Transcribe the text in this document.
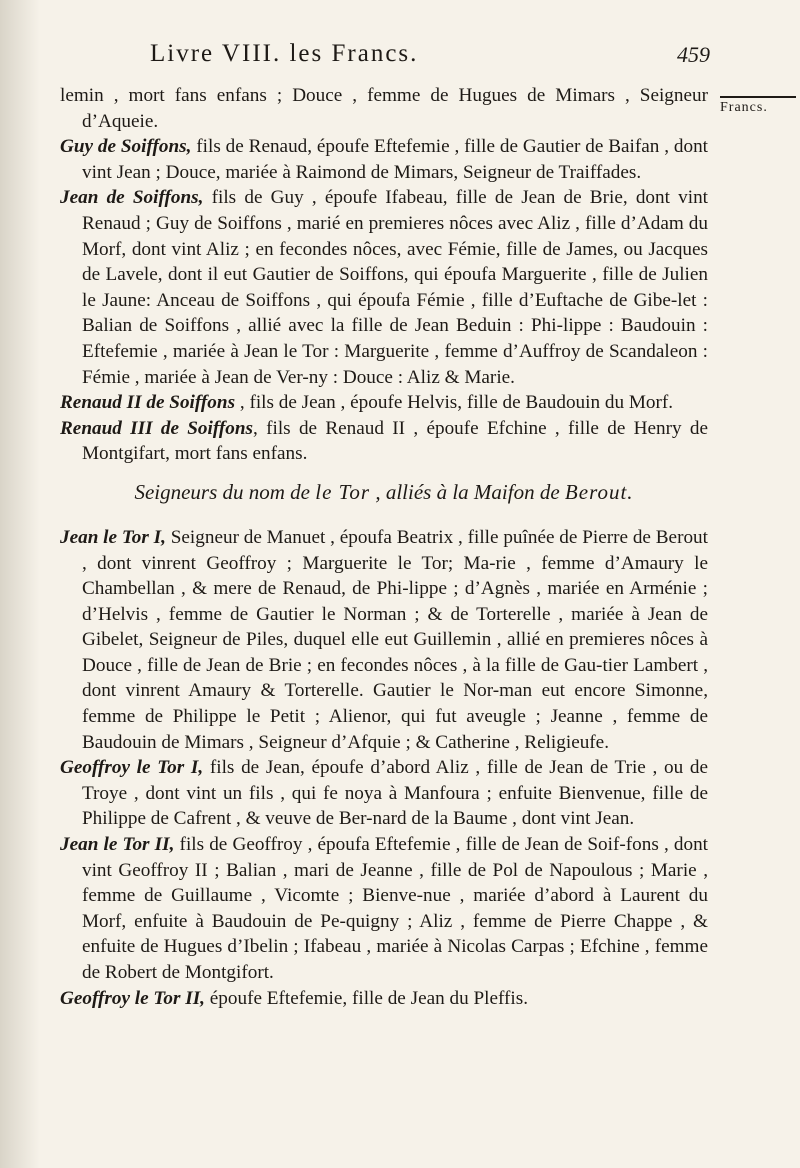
Livre VIII. les Francs.	459
Francs.

lemin , mort fans enfans ; Douce , femme de Hugues de Mimars , Seigneur d’Aqueie.

Guy de Soiffons, fils de Renaud, époufe Eftefemie , fille de Gautier de Baifan , dont vint Jean ; Douce, mariée à Raimond de Mimars, Seigneur de Traiffades.

Jean de Soiffons, fils de Guy , époufe Ifabeau, fille de Jean de Brie, dont vint Renaud ; Guy de Soiffons , marié en premieres nôces avec Aliz , fille d’Adam du Morf, dont vint Aliz ; en fecondes nôces, avec Fémie, fille de James, ou Jacques de Lavele, dont il eut Gautier de Soiffons, qui époufa Marguerite , fille de Julien le Jaune: Anceau de Soiffons , qui époufa Fémie , fille d’Euftache de Gibe-let : Balian de Soiffons , allié avec la fille de Jean Beduin : Phi-lippe : Baudouin : Eftefemie , mariée à Jean le Tor : Marguerite , femme d’Auffroy de Scandaleon : Fémie , mariée à Jean de Ver-ny : Douce : Aliz & Marie.

Renaud II de Soiffons , fils de Jean , époufe Helvis, fille de Baudouin du Morf.

Renaud III de Soiffons, fils de Renaud II , époufe Efchine , fille de Henry de Montgifart, mort fans enfans.

Seigneurs du nom de le Tor , alliés à la Maifon de Berout.

Jean le Tor I, Seigneur de Manuet , époufa Beatrix , fille puînée de Pierre de Berout , dont vinrent Geoffroy ; Marguerite le Tor; Ma-rie , femme d’Amaury le Chambellan , & mere de Renaud, de Phi-lippe ; d’Agnès , mariée en Arménie ; d’Helvis , femme de Gautier le Norman ; & de Torterelle , mariée à Jean de Gibelet, Seigneur de Piles, duquel elle eut Guillemin , allié en premieres nôces à Douce , fille de Jean de Brie ; en fecondes nôces , à la fille de Gau-tier Lambert , dont vinrent Amaury & Torterelle. Gautier le Nor-man eut encore Simonne, femme de Philippe le Petit ; Alienor, qui fut aveugle ; Jeanne , femme de Baudouin de Mimars , Seigneur d’Afquie ; & Catherine , Religieufe.

Geoffroy le Tor I, fils de Jean, époufe d’abord Aliz , fille de Jean de Trie , ou de Troye , dont vint un fils , qui fe noya à Manfoura ; enfuite Bienvenue, fille de Philippe de Cafrent , & veuve de Ber-nard de la Baume , dont vint Jean.

Jean le Tor II, fils de Geoffroy , époufa Eftefemie , fille de Jean de Soif-fons , dont vint Geoffroy II ; Balian , mari de Jeanne , fille de Pol de Napoulous ; Marie , femme de Guillaume , Vicomte ; Bienve-nue , mariée d’abord à Laurent du Morf, enfuite à Baudouin de Pe-quigny ; Aliz , femme de Pierre Chappe , & enfuite de Hugues d’Ibelin ; Ifabeau , mariée à Nicolas Carpas ; Efchine , femme de Robert de Montgifort.

Geoffroy le Tor II, époufe Eftefemie, fille de Jean du Pleffis.
